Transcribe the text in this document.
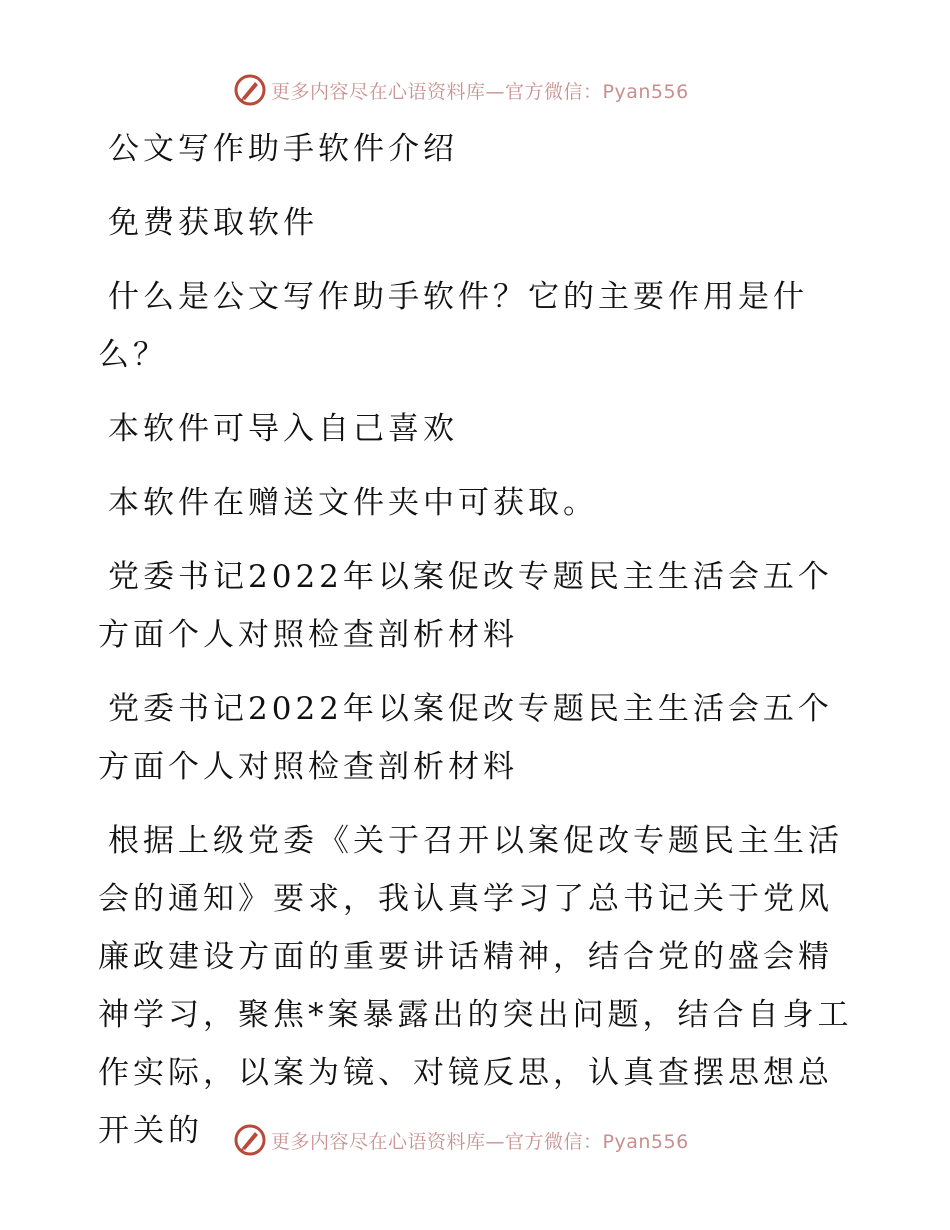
更多内容尽在心语资料库—官方微信：Pyan556

公文写作助手软件介绍

免费获取软件

什么是公文写作助手软件？它的主要作用是什么？

本软件可导入自己喜欢

本软件在赠送文件夹中可获取。

党委书记2022年以案促改专题民主生活会五个方面个人对照检查剖析材料

党委书记2022年以案促改专题民主生活会五个方面个人对照检查剖析材料

根据上级党委《关于召开以案促改专题民主生活会的通知》要求，我认真学习了总书记关于党风廉政建设方面的重要讲话精神，结合党的盛会精神学习，聚焦*案暴露出的突出问题，结合自身工作实际，以案为镜、对镜反思，认真查摆思想总开关的	更多内容尽在心语资料库—官方微信：Pyan556
